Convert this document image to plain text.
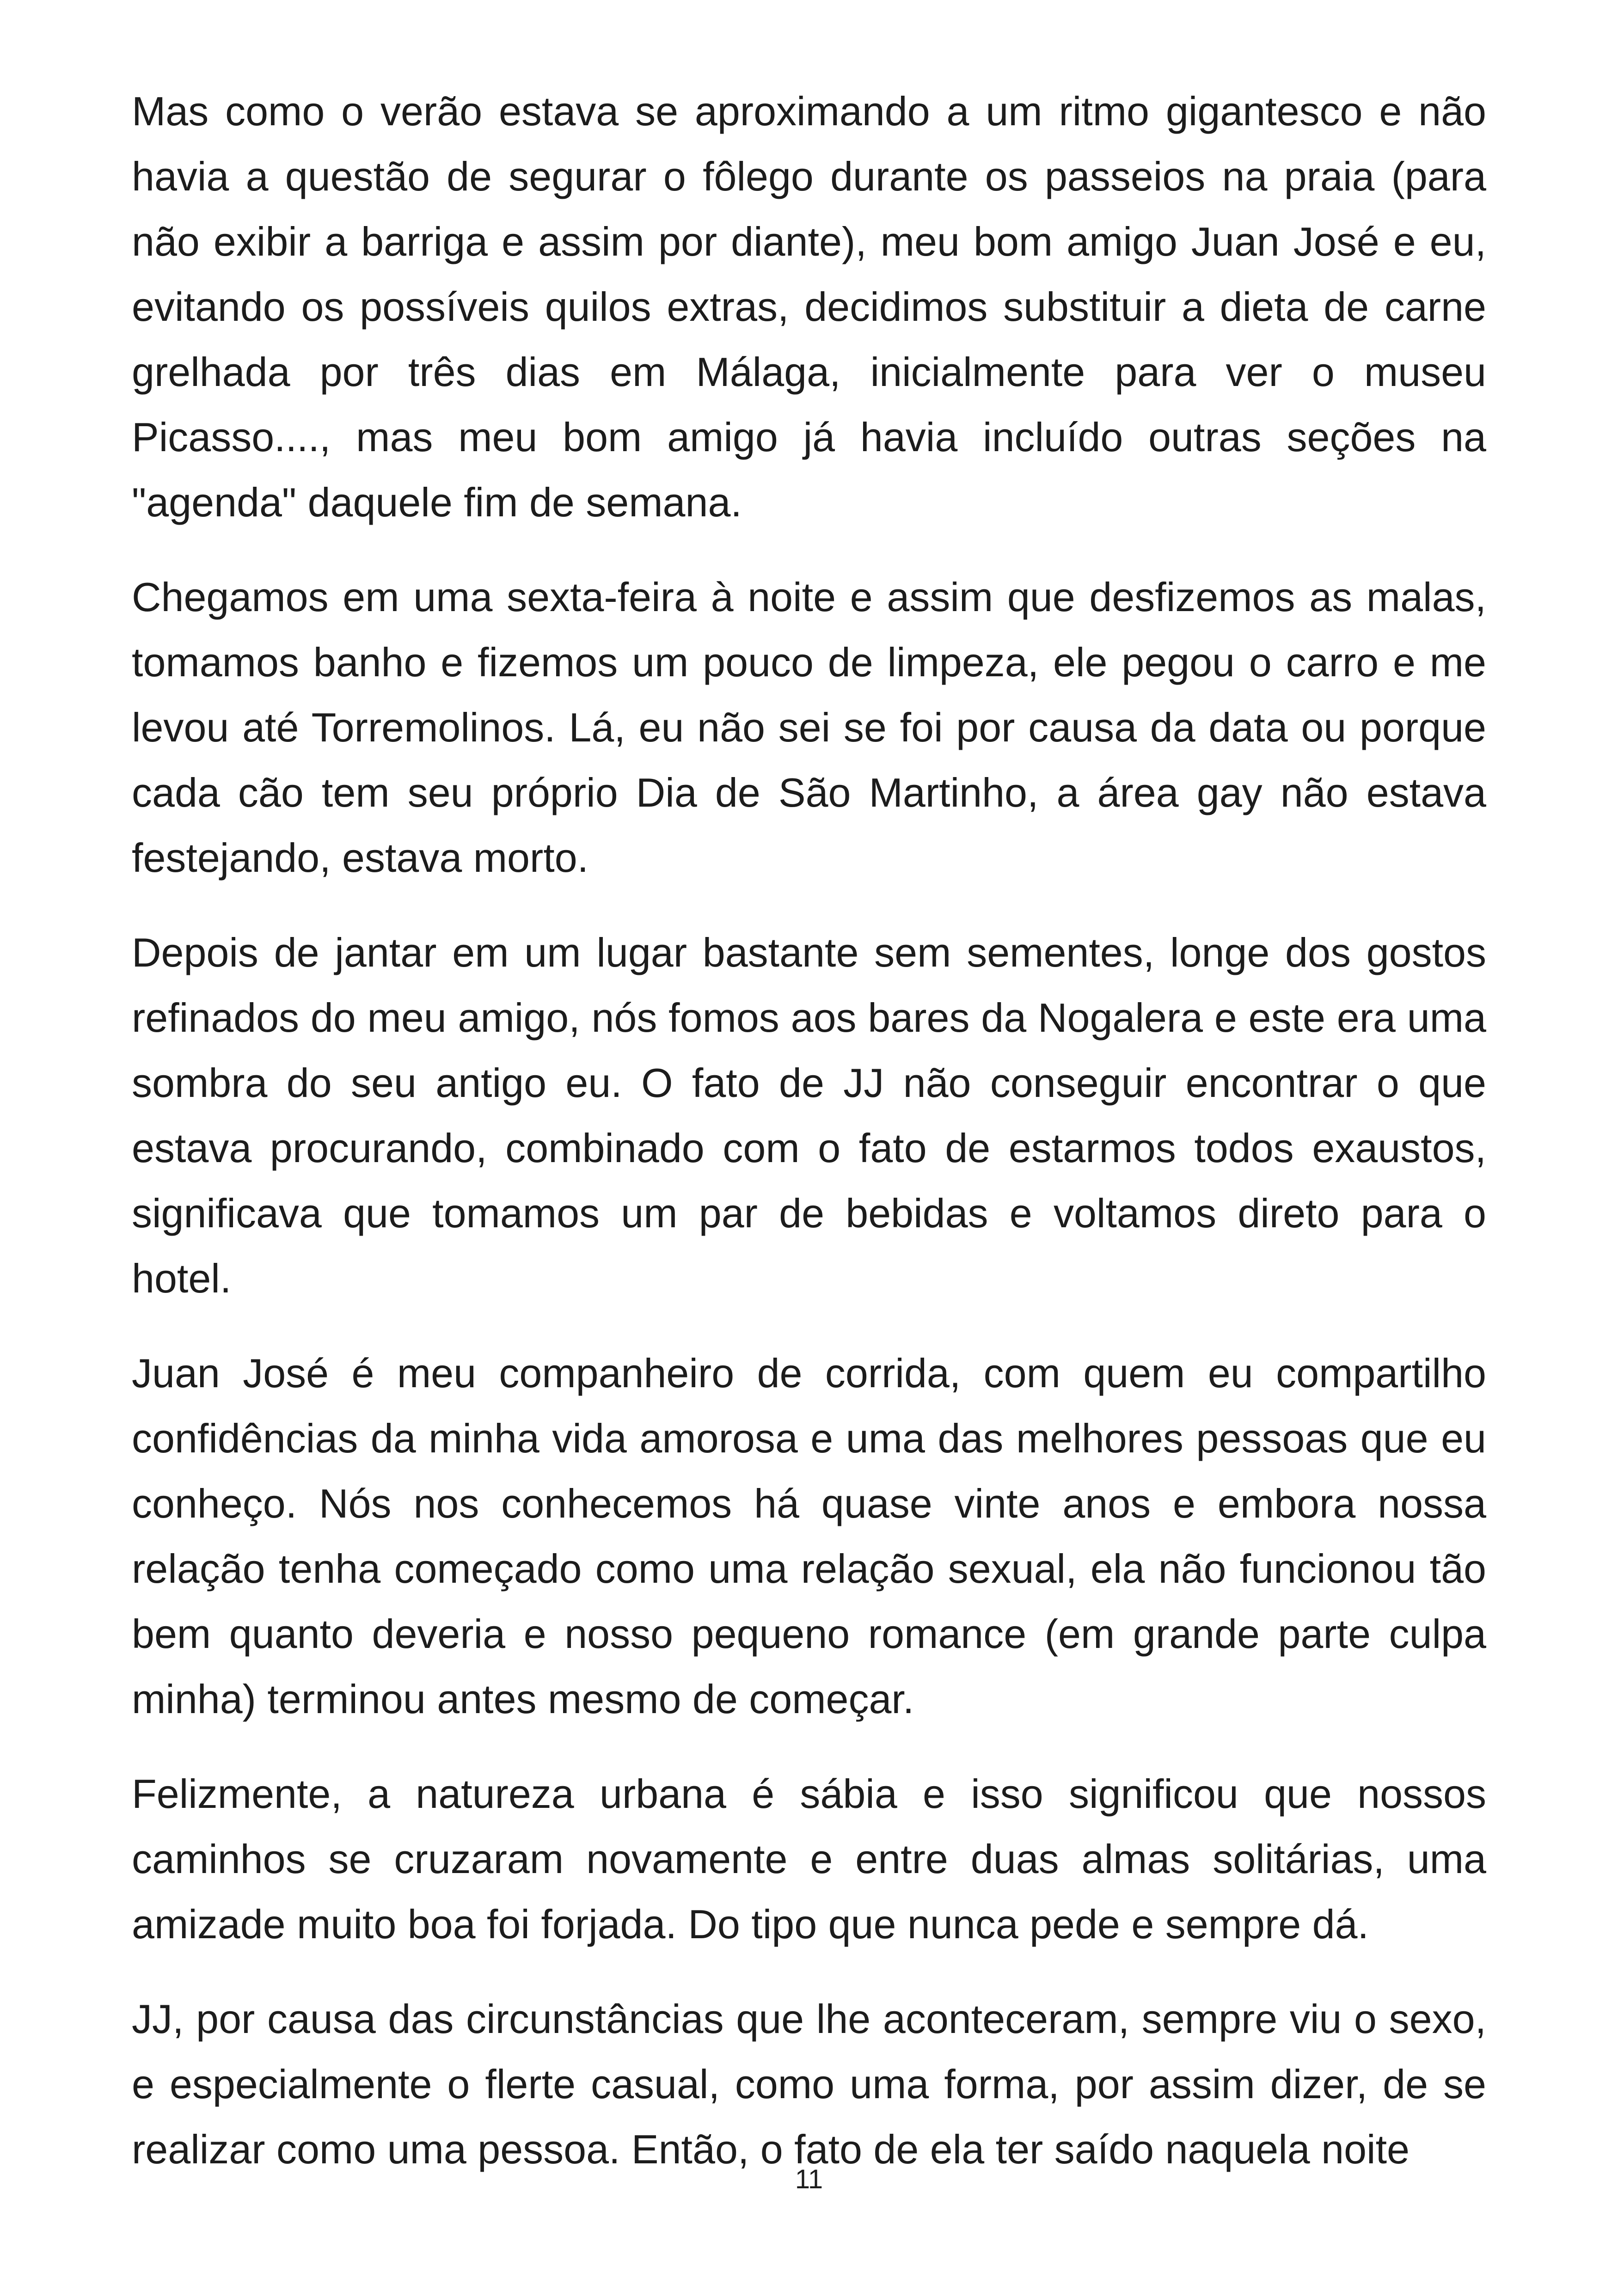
Mas como o verão estava se aproximando a um ritmo gigantesco e não havia a questão de segurar o fôlego durante os passeios na praia (para não exibir a barriga e assim por diante), meu bom amigo Juan José e eu, evitando os possíveis quilos extras, decidimos substituir a dieta de carne grelhada por três dias em Málaga, inicialmente para ver o museu Picasso...., mas meu bom amigo já havia incluído outras seções na "agenda" daquele fim de semana.

Chegamos em uma sexta-feira à noite e assim que desfizemos as malas, tomamos banho e fizemos um pouco de limpeza, ele pegou o carro e me levou até Torremolinos. Lá, eu não sei se foi por causa da data ou porque cada cão tem seu próprio Dia de São Martinho, a área gay não estava festejando, estava morto.

Depois de jantar em um lugar bastante sem sementes, longe dos gostos refinados do meu amigo, nós fomos aos bares da Nogalera e este era uma sombra do seu antigo eu. O fato de JJ não conseguir encontrar o que estava procurando, combinado com o fato de estarmos todos exaustos, significava que tomamos um par de bebidas e voltamos direto para o hotel.

Juan José é meu companheiro de corrida, com quem eu compartilho confidências da minha vida amorosa e uma das melhores pessoas que eu conheço. Nós nos conhecemos há quase vinte anos e embora nossa relação tenha começado como uma relação sexual, ela não funcionou tão bem quanto deveria e nosso pequeno romance (em grande parte culpa minha) terminou antes mesmo de começar.

Felizmente, a natureza urbana é sábia e isso significou que nossos caminhos se cruzaram novamente e entre duas almas solitárias, uma amizade muito boa foi forjada. Do tipo que nunca pede e sempre dá.

JJ, por causa das circunstâncias que lhe aconteceram, sempre viu o sexo, e especialmente o flerte casual, como uma forma, por assim dizer, de se realizar como uma pessoa. Então, o fato de ela ter saído naquela noite

11
